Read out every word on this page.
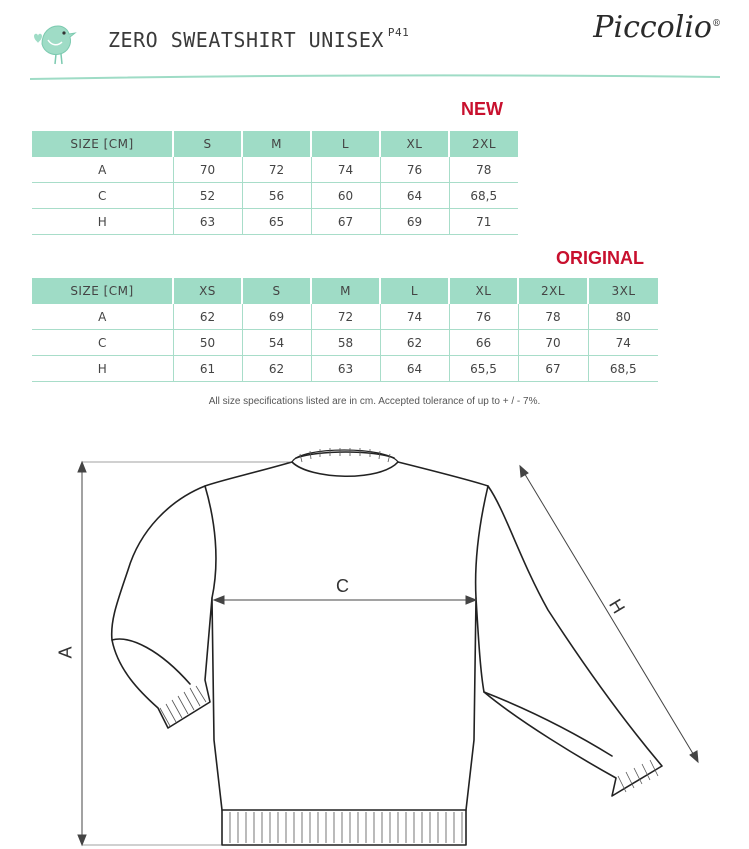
ZERO SWEATSHIRT UNISEX $^{P41}$	Piccolio®
NEW
SIZE [CM]	S	M	L	XL	2XL
A	70	72	74	76	78
C	52	56	60	64	68,5
H	63	65	67	69	71
ORIGINAL
SIZE [CM]	XS	S	M	L	XL	2XL	3XL
A	62	69	72	74	76	78	80
C	50	54	58	62	66	70	74
H	61	62	63	64	65,5	67	68,5
All size specifications listed are in cm. Accepted tolerance of up to + / - 7%.
A
C
H
